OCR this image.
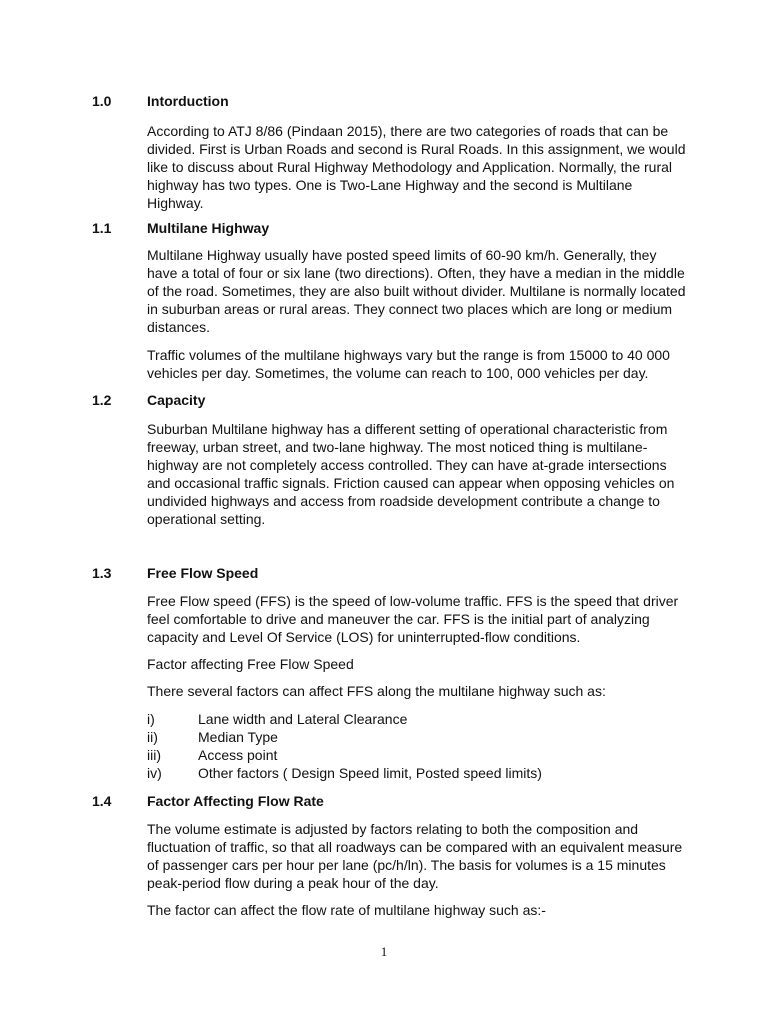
1.0	Intorduction

According to ATJ 8/86 (Pindaan 2015), there are two categories of roads that can be divided. First is Urban Roads and second is Rural Roads. In this assignment, we would like to discuss about Rural Highway Methodology and Application. Normally, the rural highway has two types. One is Two-Lane Highway and the second is Multilane Highway.

1.1	Multilane Highway

Multilane Highway usually have posted speed limits of 60-90 km/h. Generally, they have a total of four or six lane (two directions). Often, they have a median in the middle of the road. Sometimes, they are also built without divider. Multilane is normally located in suburban areas or rural areas. They connect two places which are long or medium distances.

Traffic volumes of the multilane highways vary but the range is from 15000 to 40 000 vehicles per day. Sometimes, the volume can reach to 100, 000 vehicles per day.

1.2	Capacity

Suburban Multilane highway has a different setting of operational characteristic from freeway, urban street, and two-lane highway. The most noticed thing is multilane-highway are not completely access controlled. They can have at-grade intersections and occasional traffic signals. Friction caused can appear when opposing vehicles on undivided highways and access from roadside development contribute a change to operational setting.

1.3	Free Flow Speed

Free Flow speed (FFS) is the speed of low-volume traffic. FFS is the speed that driver feel comfortable to drive and maneuver the car. FFS is the initial part of analyzing capacity and Level Of Service (LOS) for uninterrupted-flow conditions.

Factor affecting Free Flow Speed

There several factors can affect FFS along the multilane highway such as:

i)	Lane width and Lateral Clearance
ii)	Median Type
iii)	Access point
iv)	Other factors ( Design Speed limit, Posted speed limits)
1.4	Factor Affecting Flow Rate

The volume estimate is adjusted by factors relating to both the composition and fluctuation of traffic, so that all roadways can be compared with an equivalent measure of passenger cars per hour per lane (pc/h/ln). The basis for volumes is a 15 minutes peak-period flow during a peak hour of the day.

The factor can affect the flow rate of multilane highway such as:-

1
